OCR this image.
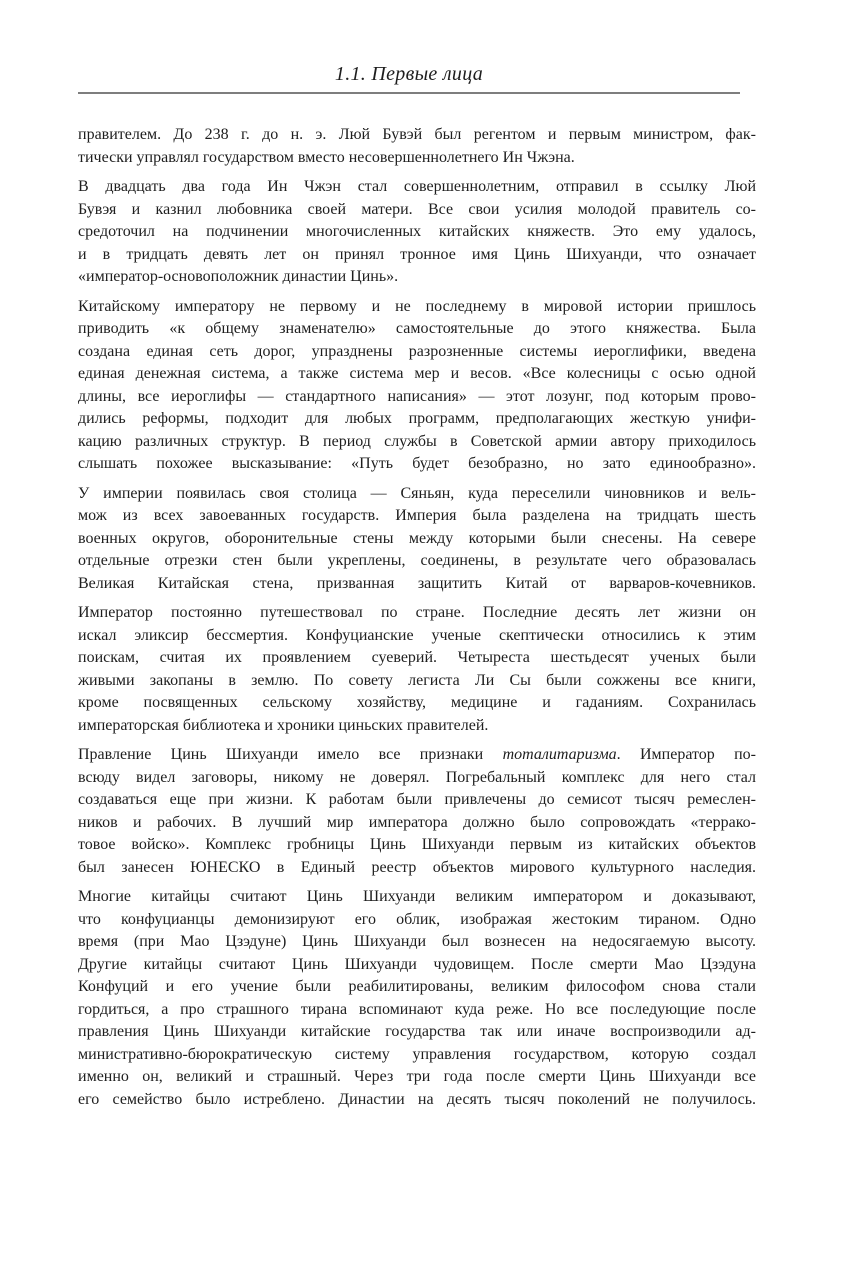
1.1. Первые лица

правителем. До 238 г. до н. э. Люй Бувэй был регентом и первым министром, фак-
тически управлял государством вместо несовершеннолетнего Ин Чжэна.

В двадцать два года Ин Чжэн стал совершеннолетним, отправил в ссылку Люй
Бувэя и казнил любовника своей матери. Все свои усилия молодой правитель со-
средоточил на подчинении многочисленных китайских княжеств. Это ему удалось,
и в тридцать девять лет он принял тронное имя Цинь Шихуанди, что означает
«император-основоположник династии Цинь».

Китайскому императору не первому и не последнему в мировой истории пришлось
приводить «к общему знаменателю» самостоятельные до этого княжества. Была
создана единая сеть дорог, упразднены разрозненные системы иероглифики, введена
единая денежная система, а также система мер и весов. «Все колесницы с осью одной
длины, все иероглифы — стандартного написания» — этот лозунг, под которым прово-
дились реформы, подходит для любых программ, предполагающих жесткую унифи-
кацию различных структур. В период службы в Советской армии автору приходилось
слышать похожее высказывание: «Путь будет безобразно, но зато единообразно».

У империи появилась своя столица — Сяньян, куда переселили чиновников и вель-
мож из всех завоеванных государств. Империя была разделена на тридцать шесть
военных округов, оборонительные стены между которыми были снесены. На севере
отдельные отрезки стен были укреплены, соединены, в результате чего образовалась
Великая Китайская стена, призванная защитить Китай от варваров-кочевников.

Император постоянно путешествовал по стране. Последние десять лет жизни он
искал эликсир бессмертия. Конфуцианские ученые скептически относились к этим
поискам, считая их проявлением суеверий. Четыреста шестьдесят ученых были
живыми закопаны в землю. По совету легиста Ли Сы были сожжены все книги,
кроме посвященных сельскому хозяйству, медицине и гаданиям. Сохранилась
императорская библиотека и хроники циньских правителей.

Правление Цинь Шихуанди имело все признаки тоталитаризма. Император по-
всюду видел заговоры, никому не доверял. Погребальный комплекс для него стал
создаваться еще при жизни. К работам были привлечены до семисот тысяч ремеслен-
ников и рабочих. В лучший мир императора должно было сопровождать «террако-
товое войско». Комплекс гробницы Цинь Шихуанди первым из китайских объектов
был занесен ЮНЕСКО в Единый реестр объектов мирового культурного наследия.

Многие китайцы считают Цинь Шихуанди великим императором и доказывают,
что конфуцианцы демонизируют его облик, изображая жестоким тираном. Одно
время (при Мао Цзэдуне) Цинь Шихуанди был вознесен на недосягаемую высоту.
Другие китайцы считают Цинь Шихуанди чудовищем. После смерти Мао Цзэдуна
Конфуций и его учение были реабилитированы, великим философом снова стали
гордиться, а про страшного тирана вспоминают куда реже. Но все последующие после
правления Цинь Шихуанди китайские государства так или иначе воспроизводили ад-
министративно-бюрократическую систему управления государством, которую создал
именно он, великий и страшный. Через три года после смерти Цинь Шихуанди все
его семейство было истреблено. Династии на десять тысяч поколений не получилось.
